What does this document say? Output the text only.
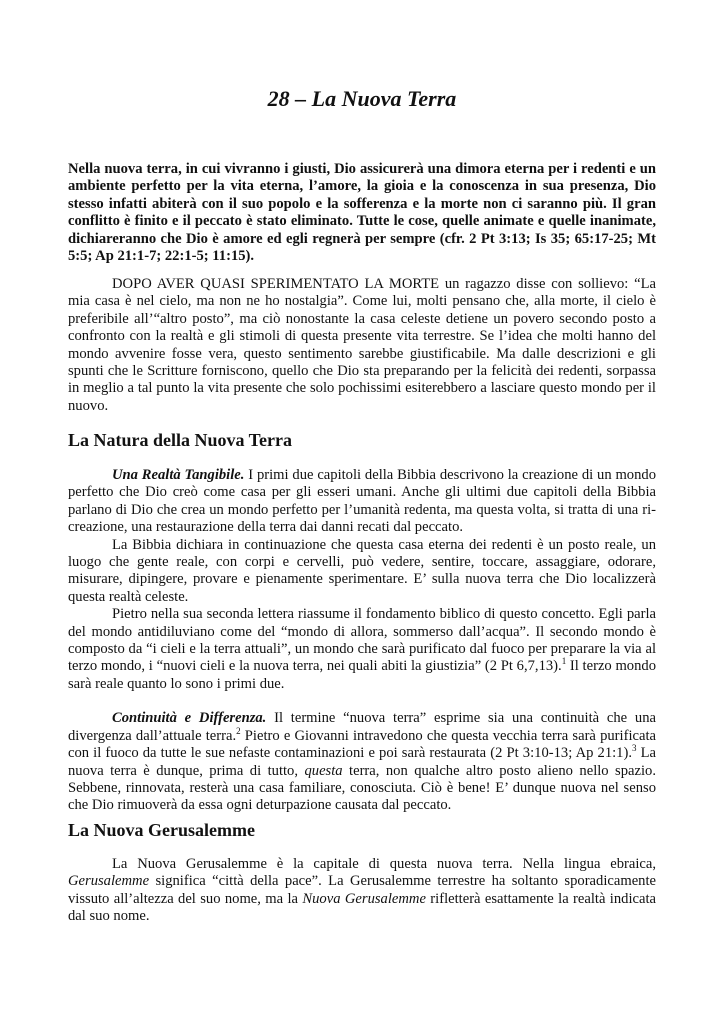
28 – La Nuova Terra

Nella nuova terra, in cui vivranno i giusti, Dio assicurerà una dimora eterna per i redenti e un ambiente perfetto per la vita eterna, l’amore, la gioia e la conoscenza in sua presenza, Dio stesso infatti abiterà con il suo popolo e la sofferenza e la morte non ci saranno più. Il gran conflitto è finito e il peccato è stato eliminato. Tutte le cose, quelle animate e quelle inanimate, dichiareranno che Dio è amore ed egli regnerà per sempre (cfr. 2 Pt 3:13; Is 35; 65:17-25; Mt 5:5; Ap 21:1-7; 22:1-5; 11:15).

DOPO AVER QUASI SPERIMENTATO LA MORTE un ragazzo disse con sollievo: “La mia casa è nel cielo, ma non ne ho nostalgia”. Come lui, molti pensano che, alla morte, il cielo è preferibile all’“altro posto”, ma ciò nonostante la casa celeste detiene un povero secondo posto a confronto con la realtà e gli stimoli di questa presente vita terrestre. Se l’idea che molti hanno del mondo avvenire fosse vera, questo sentimento sarebbe giustificabile. Ma dalle descrizioni e gli spunti che le Scritture forniscono, quello che Dio sta preparando per la felicità dei redenti, sorpassa in meglio a tal punto la vita presente che solo pochissimi esiterebbero a lasciare questo mondo per il nuovo.

La Natura della Nuova Terra

Una Realtà Tangibile. I primi due capitoli della Bibbia descrivono la creazione di un mondo perfetto che Dio creò come casa per gli esseri umani. Anche gli ultimi due capitoli della Bibbia parlano di Dio che crea un mondo perfetto per l’umanità redenta, ma questa volta, si tratta di una ri-creazione, una restaurazione della terra dai danni recati dal peccato.

La Bibbia dichiara in continuazione che questa casa eterna dei redenti è un posto reale, un luogo che gente reale, con corpi e cervelli, può vedere, sentire, toccare, assaggiare, odorare, misurare, dipingere, provare e pienamente sperimentare. E’ sulla nuova terra che Dio localizzerà questa realtà celeste.

Pietro nella sua seconda lettera riassume il fondamento biblico di questo concetto. Egli parla del mondo antidiluviano come del “mondo di allora, sommerso dall’acqua”. Il secondo mondo è composto da “i cieli e la terra attuali”, un mondo che sarà purificato dal fuoco per preparare la via al terzo mondo, i “nuovi cieli e la nuova terra, nei quali abiti la giustizia” (2 Pt 6,7,13).$^1$ Il terzo mondo sarà reale quanto lo sono i primi due.

Continuità e Differenza. Il termine “nuova terra” esprime sia una continuità che una divergenza dall’attuale terra.$^2$ Pietro e Giovanni intravedono che questa vecchia terra sarà purificata con il fuoco da tutte le sue nefaste contaminazioni e poi sarà restaurata (2 Pt 3:10-13; Ap 21:1).$^3$ La nuova terra è dunque, prima di tutto, questa terra, non qualche altro posto alieno nello spazio. Sebbene, rinnovata, resterà una casa familiare, conosciuta. Ciò è bene! E’ dunque nuova nel senso che Dio rimuoverà da essa ogni deturpazione causata dal peccato.

La Nuova Gerusalemme

La Nuova Gerusalemme è la capitale di questa nuova terra. Nella lingua ebraica, Gerusalemme significa “città della pace”. La Gerusalemme terrestre ha soltanto sporadicamente vissuto all’altezza del suo nome, ma la Nuova Gerusalemme rifletterà esattamente la realtà indicata dal suo nome.
